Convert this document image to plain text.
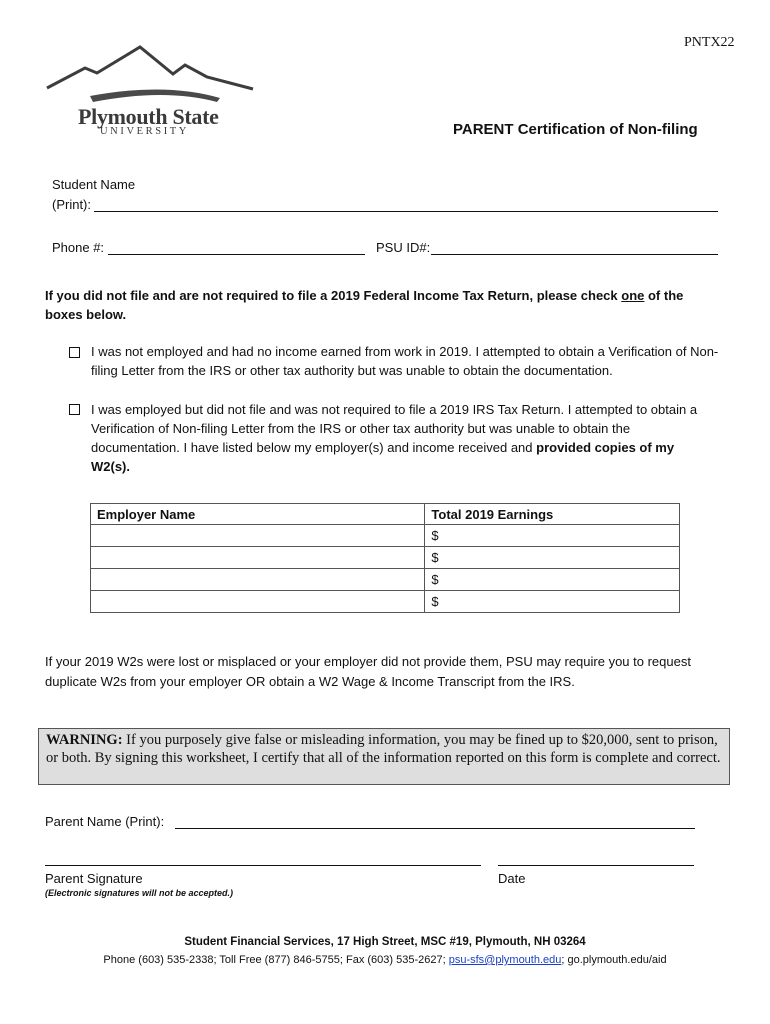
PNTX22
Plymouth State
UNIVERSITY	PARENT Certification of Non-filing
Student Name
(Print):
Phone #:	PSU ID#:
If you did not file and are not required to file a 2019 Federal Income Tax Return, please check one of the boxes below.
I was not employed and had no income earned from work in 2019. I attempted to obtain a Verification of Non-filing Letter from the IRS or other tax authority but was unable to obtain the documentation.
I was employed but did not file and was not required to file a 2019 IRS Tax Return. I attempted to obtain a Verification of Non-filing Letter from the IRS or other tax authority but was unable to obtain the documentation. I have listed below my employer(s) and income received and provided copies of my W2(s).
Employer Name	Total 2019 Earnings
	$
	$
	$
	$
If your 2019 W2s were lost or misplaced or your employer did not provide them, PSU may require you to request duplicate W2s from your employer OR obtain a W2 Wage & Income Transcript from the IRS.
WARNING: If you purposely give false or misleading information, you may be fined up to $20,000, sent to prison, or both. By signing this worksheet, I certify that all of the information reported on this form is complete and correct.
Parent Name (Print):
Parent Signature	Date
(Electronic signatures will not be accepted.)
Student Financial Services, 17 High Street, MSC #19, Plymouth, NH 03264
Phone (603) 535-2338; Toll Free (877) 846-5755; Fax (603) 535-2627; psu-sfs@plymouth.edu; go.plymouth.edu/aid
